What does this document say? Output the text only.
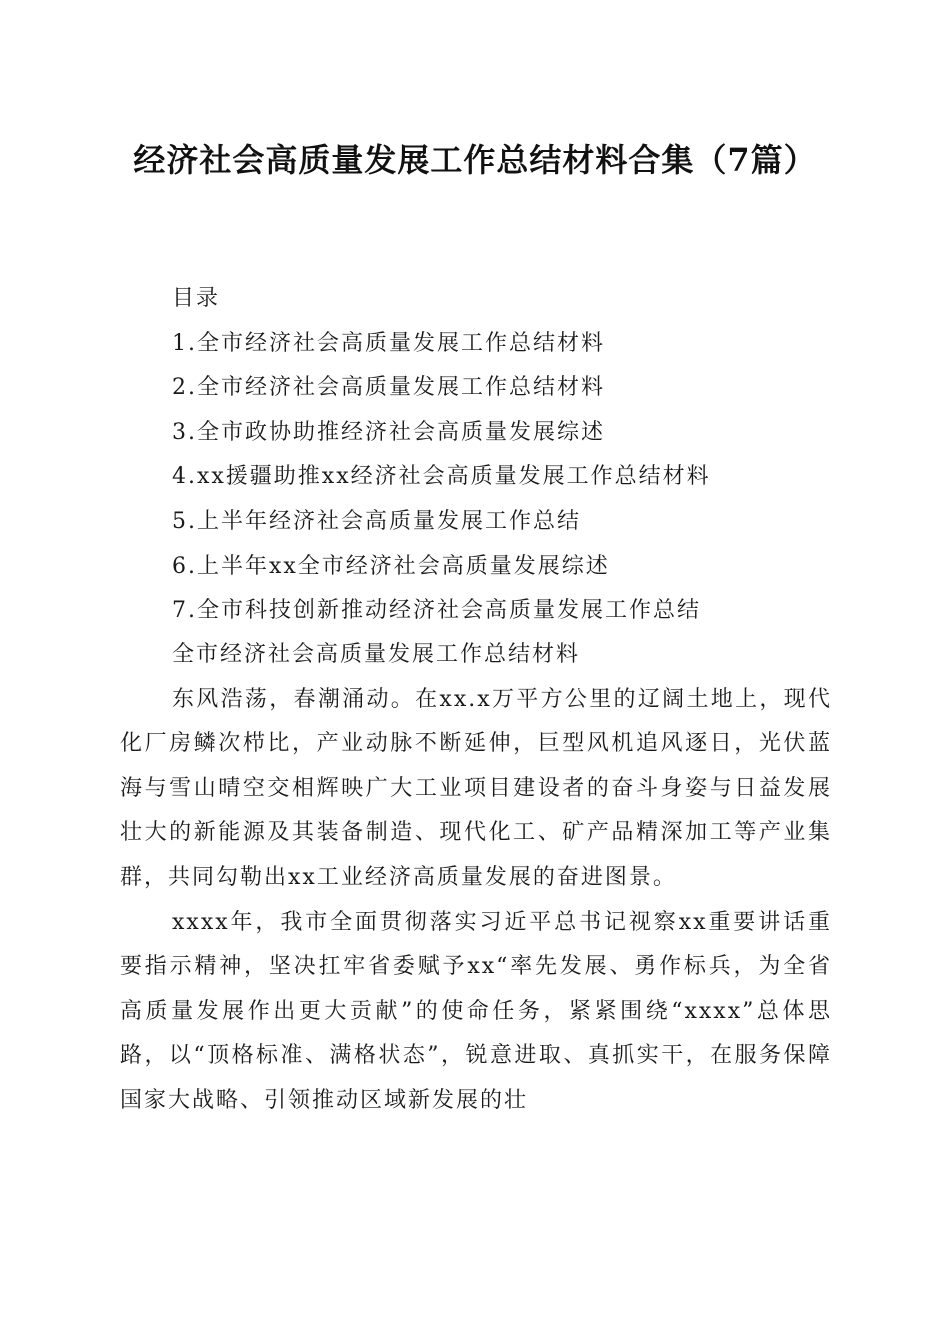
经济社会高质量发展工作总结材料合集（7篇）
目录
1.全市经济社会高质量发展工作总结材料
2.全市经济社会高质量发展工作总结材料
3.全市政协助推经济社会高质量发展综述
4.xx援疆助推xx经济社会高质量发展工作总结材料
5.上半年经济社会高质量发展工作总结
6.上半年xx全市经济社会高质量发展综述
7.全市科技创新推动经济社会高质量发展工作总结

全市经济社会高质量发展工作总结材料

东风浩荡，春潮涌动。在xx.x万平方公里的辽阔土地上，现代化厂房鳞次栉比，产业动脉不断延伸，巨型风机追风逐日，光伏蓝海与雪山晴空交相辉映广大工业项目建设者的奋斗身姿与日益发展壮大的新能源及其装备制造、现代化工、矿产品精深加工等产业集群，共同勾勒出xx工业经济高质量发展的奋进图景。

xxxx年，我市全面贯彻落实习近平总书记视察xx重要讲话重要指示精神，坚决扛牢省委赋予xx“率先发展、勇作标兵，为全省高质量发展作出更大贡献”的使命任务，紧紧围绕“xxxx”总体思路，以“顶格标准、满格状态”，锐意进取、真抓实干，在服务保障国家大战略、引领推动区域新发展的壮
